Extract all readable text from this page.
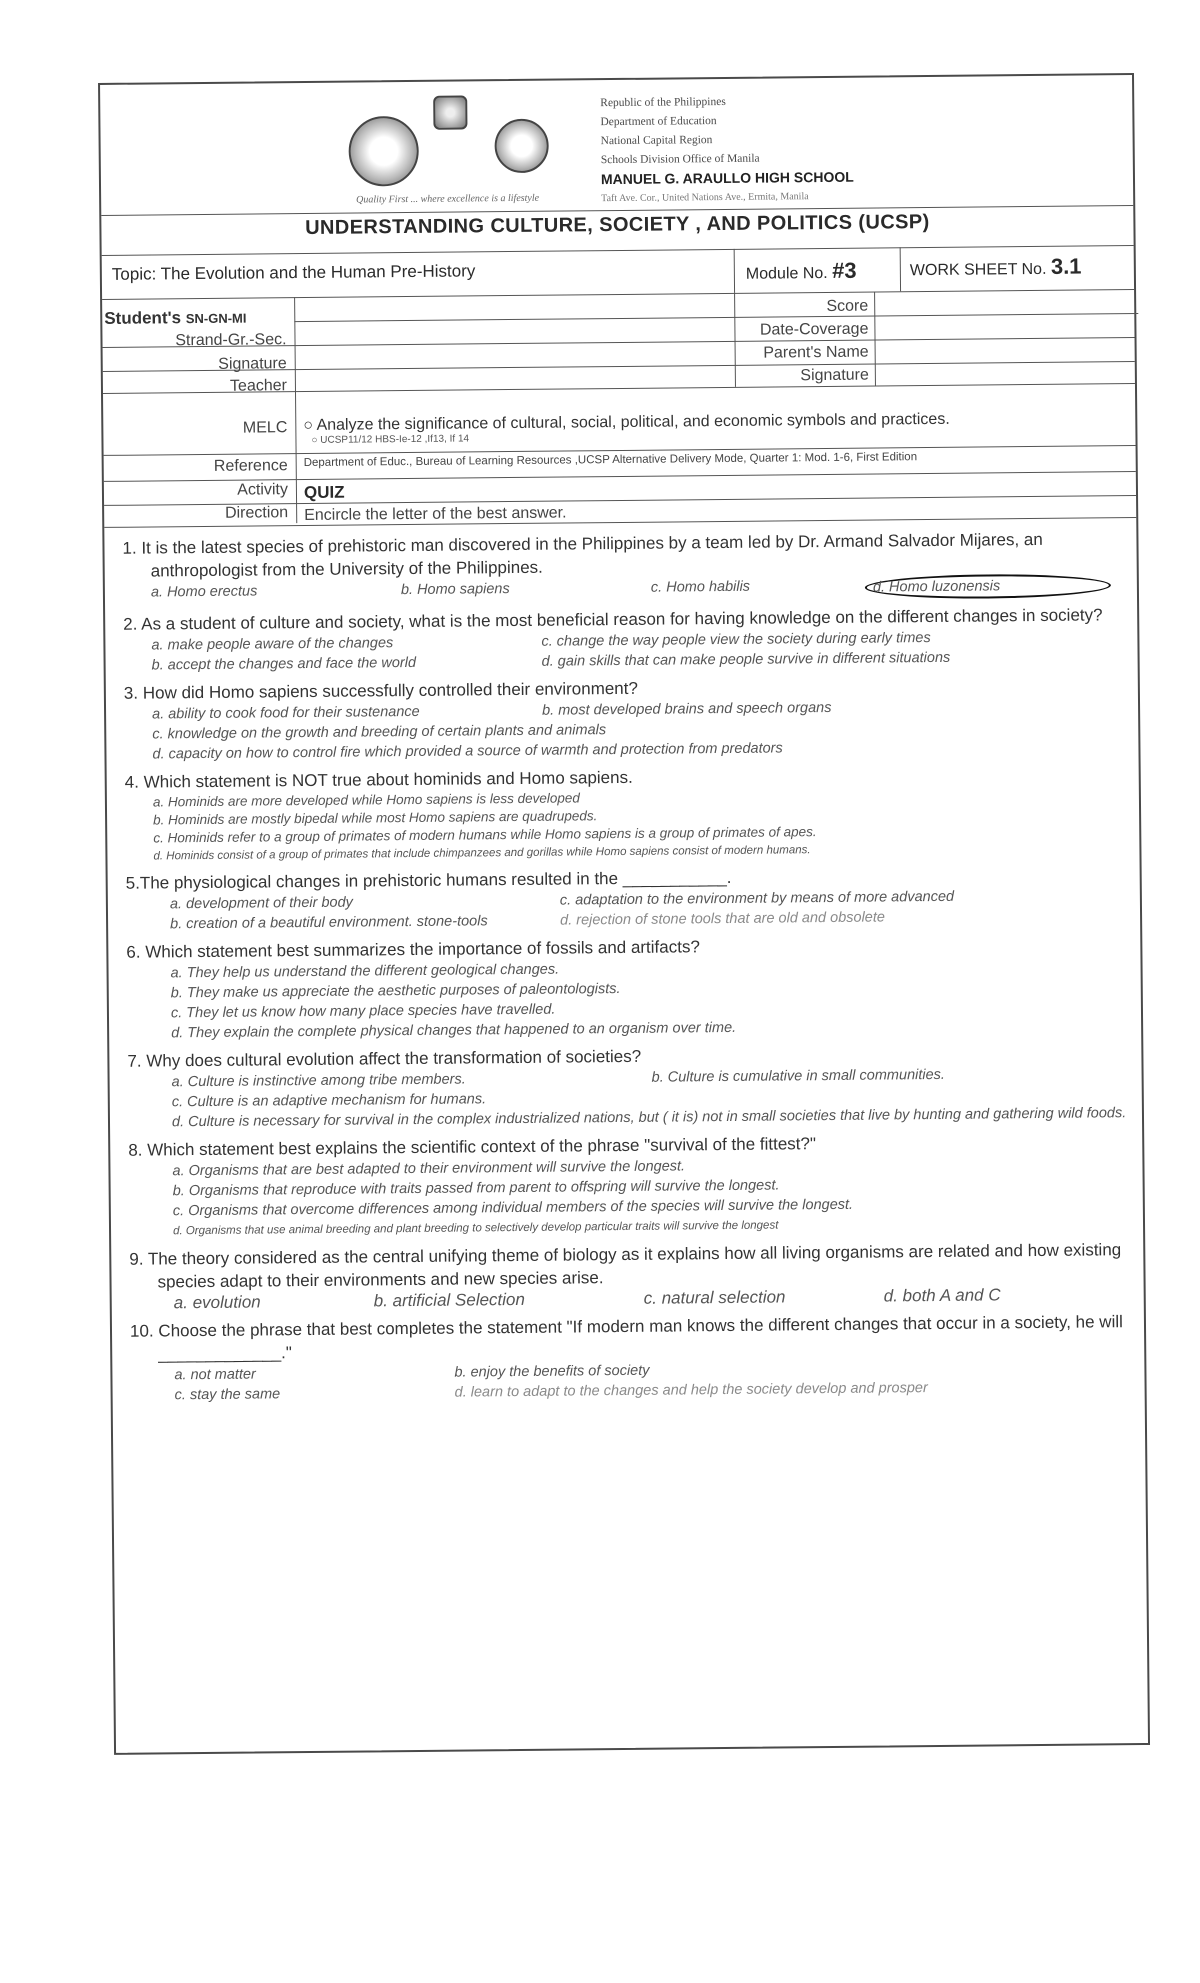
Quality First ... where excellence is a lifestyle
Republic of the Philippines
Department of Education
National Capital Region
Schools Division Office of Manila
MANUEL G. ARAULLO HIGH SCHOOL
Taft Ave. Cor., United Nations Ave., Ermita, Manila
UNDERSTANDING CULTURE, SOCIETY , AND POLITICS (UCSP)
Topic: The Evolution and the Human Pre-History	Module No. #3	WORK SHEET No. 3.1
Student's SN-GN-MI
Strand-Gr.-Sec.
Signature
Teacher
Score
Date-Coverage
Parent's Name
Signature
MELC ○ Analyze the significance of cultural, social, political, and economic symbols and practices.
○ UCSP11/12 HBS-Ie-12 ,If13, If 14
Reference Department of Educ., Bureau of Learning Resources ,UCSP Alternative Delivery Mode, Quarter 1: Mod. 1-6, First Edition
Activity QUIZ
Direction Encircle the letter of the best answer.
1. It is the latest species of prehistoric man discovered in the Philippines by a team led by Dr. Armand Salvador Mijares, an anthropologist from the University of the Philippines.
a. Homo erectus	b. Homo sapiens	c. Homo habilis	d. Homo luzonensis
2. As a student of culture and society, what is the most beneficial reason for having knowledge on the different changes in society?
a. make people aware of the changes	c. change the way people view the society during early times
b. accept the changes and face the world	d. gain skills that can make people survive in different situations
3. How did Homo sapiens successfully controlled their environment?
a. ability to cook food for their sustenance	b. most developed brains and speech organs
c. knowledge on the growth and breeding of certain plants and animals
d. capacity on how to control fire which provided a source of warmth and protection from predators
4. Which statement is NOT true about hominids and Homo sapiens.
a. Hominids are more developed while Homo sapiens is less developed
b. Hominids are mostly bipedal while most Homo sapiens are quadrupeds.
c. Hominids refer to a group of primates of modern humans while Homo sapiens is a group of primates of apes.
d. Hominids consist of a group of primates that include chimpanzees and gorillas while Homo sapiens consist of modern humans.
5.The physiological changes in prehistoric humans resulted in the ___________.
a. development of their body	c. adaptation to the environment by means of more advanced
b. creation of a beautiful environment. stone-tools	d. rejection of stone tools that are old and obsolete
6. Which statement best summarizes the importance of fossils and artifacts?
a. They help us understand the different geological changes.
b. They make us appreciate the aesthetic purposes of paleontologists.
c. They let us know how many place species have travelled.
d. They explain the complete physical changes that happened to an organism over time.
7. Why does cultural evolution affect the transformation of societies?
a. Culture is instinctive among tribe members.	b. Culture is cumulative in small communities.
c. Culture is an adaptive mechanism for humans.
d. Culture is necessary for survival in the complex industrialized nations, but ( it is) not in small societies that live by hunting and gathering wild foods.
8. Which statement best explains the scientific context of the phrase "survival of the fittest?"
a. Organisms that are best adapted to their environment will survive the longest.
b. Organisms that reproduce with traits passed from parent to offspring will survive the longest.
c. Organisms that overcome differences among individual members of the species will survive the longest.
d. Organisms that use animal breeding and plant breeding to selectively develop particular traits will survive the longest
9. The theory considered as the central unifying theme of biology as it explains how all living organisms are related and how existing species adapt to their environments and new species arise.
a. evolution	b. artificial Selection	c. natural selection	d. both A and C
10. Choose the phrase that best completes the statement "If modern man knows the different changes that occur in a society, he will _____________."
a. not matter	b. enjoy the benefits of society
c. stay the same	d. learn to adapt to the changes and help the society develop and prosper
